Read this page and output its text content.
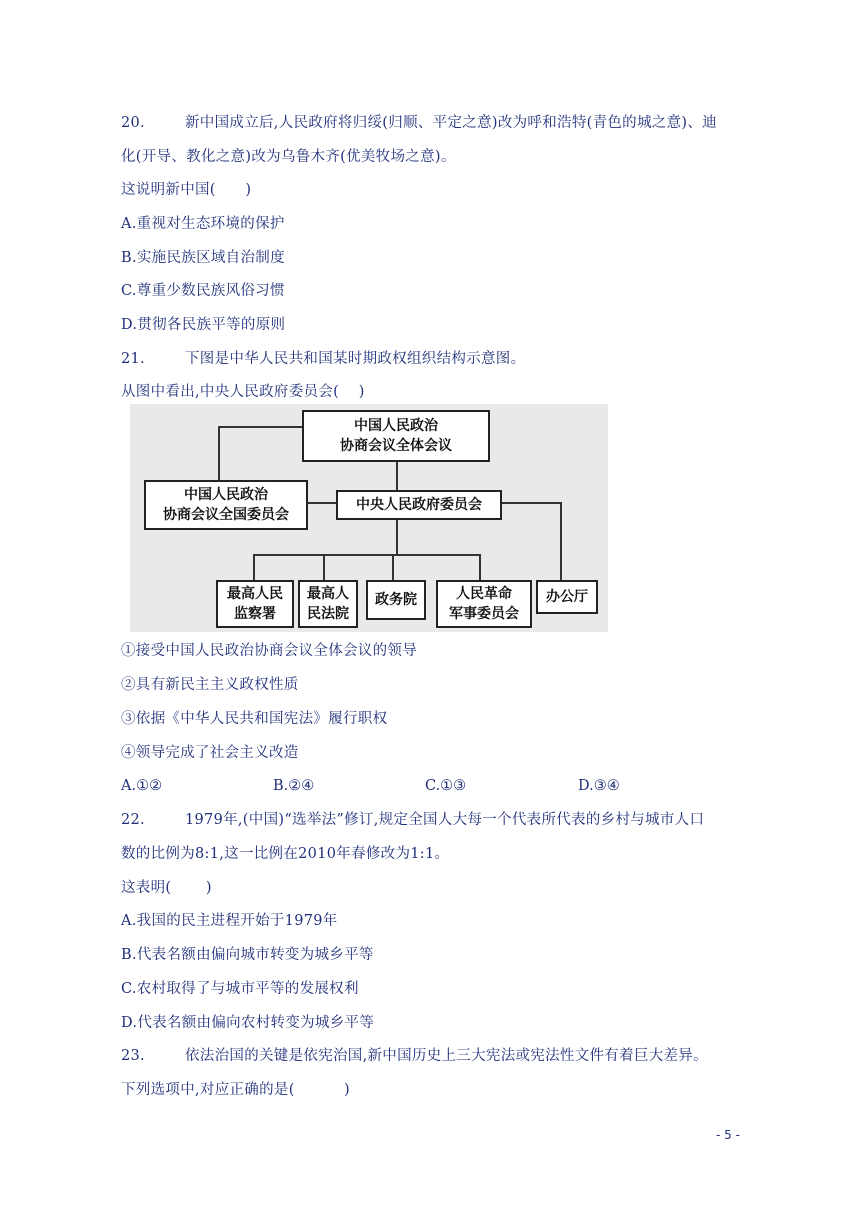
20.	新中国成立后,人民政府将归绥(归顺、平定之意)改为呼和浩特(青色的城之意)、迪
化(开导、教化之意)改为乌鲁木齐(优美牧场之意)。
这说明新中国(　　)
A.重视对生态环境的保护
B.实施民族区域自治制度
C.尊重少数民族风俗习惯
D.贯彻各民族平等的原则
21.	下图是中华人民共和国某时期政权组织结构示意图。
从图中看出,中央人民政府委员会(　 )
中国人民政治
协商会议全体会议
中国人民政治
协商会议全国委员会
中央人民政府委员会
最高人民
监察署
最高人
民法院
政务院	人民革命
军事委员会
办公厅
①接受中国人民政治协商会议全体会议的领导
②具有新民主主义政权性质
③依据《中华人民共和国宪法》履行职权
④领导完成了社会主义改造
A.①②	B.②④	C.①③	D.③④
22.	1979年,(中国)“选举法”修订,规定全国人大每一个代表所代表的乡村与城市人口
数的比例为8:1,这一比例在2010年春修改为1:1。
这表明(　　 )
A.我国的民主进程开始于1979年
B.代表名额由偏向城市转变为城乡平等
C.农村取得了与城市平等的发展权利
D.代表名额由偏向农村转变为城乡平等
23.	依法治国的关键是依宪治国,新中国历史上三大宪法或宪法性文件有着巨大差异。
下列选项中,对应正确的是(　　　 )
- 5 -
